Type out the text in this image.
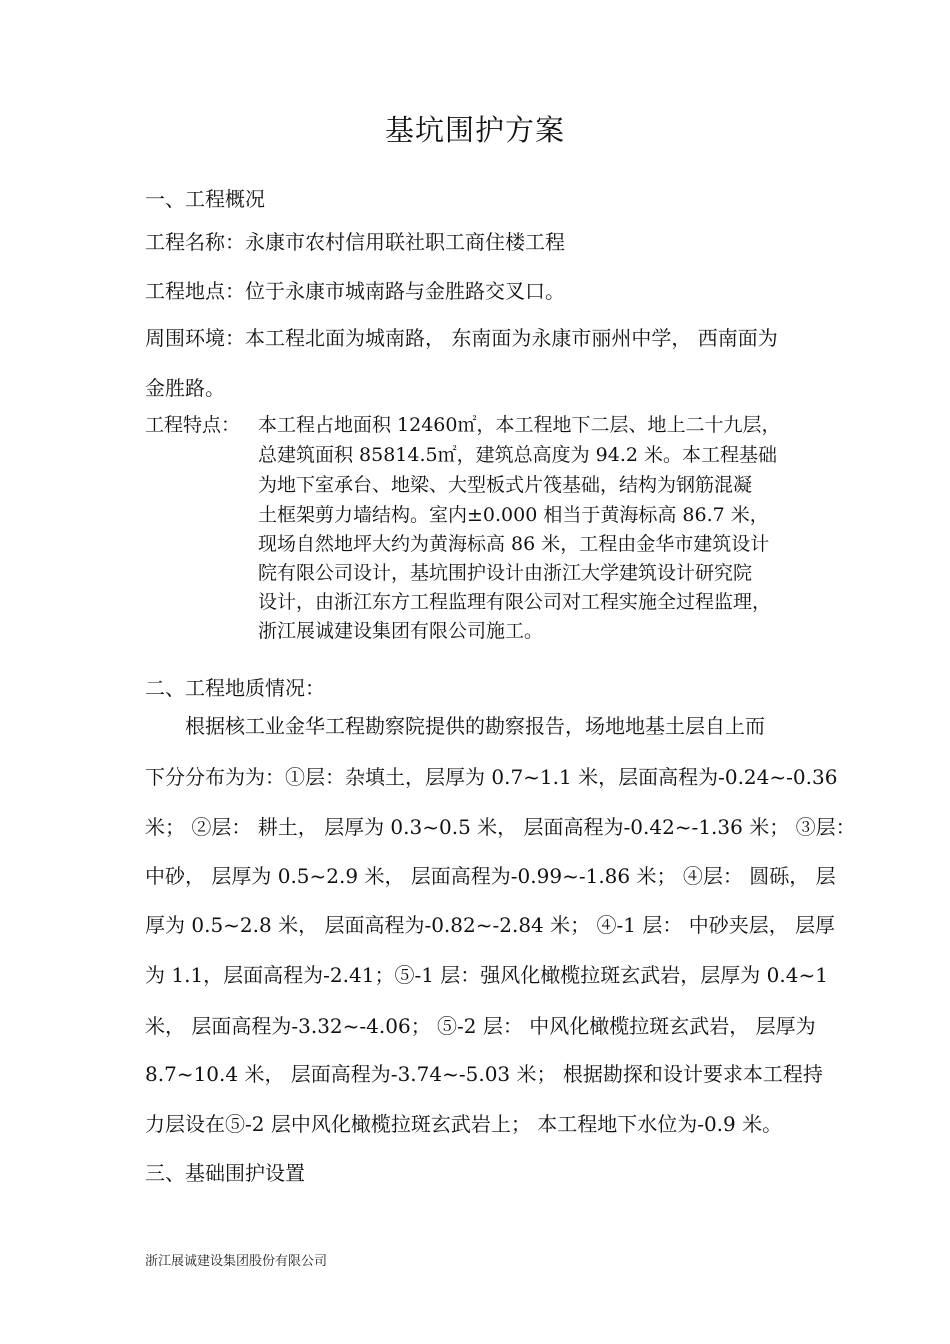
基坑围护方案
一、工程概况
工程名称：永康市农村信用联社职工商住楼工程
工程地点：位于永康市城南路与金胜路交叉口。
周围环境：本工程北面为城南路， 东南面为永康市丽州中学， 西南面为
金胜路。
工程特点： 本工程占地面积 12460㎡，本工程地下二层、地上二十九层，
总建筑面积 85814.5㎡，建筑总高度为 94.2 米。本工程基础
为地下室承台、地梁、大型板式片筏基础，结构为钢筋混凝
土框架剪力墙结构。室内±0.000 相当于黄海标高 86.7 米，
现场自然地坪大约为黄海标高 86 米，工程由金华市建筑设计
院有限公司设计，基坑围护设计由浙江大学建筑设计研究院
设计，由浙江东方工程监理有限公司对工程实施全过程监理，
浙江展诚建设集团有限公司施工。
二、工程地质情况：
　　根据核工业金华工程勘察院提供的勘察报告，场地地基土层自上而
下分分布为为：①层：杂填土，层厚为 0.7~1.1 米，层面高程为-0.24~-0.36
米； ②层： 耕土， 层厚为 0.3~0.5 米， 层面高程为-0.42~-1.36 米； ③层：
中砂， 层厚为 0.5~2.9 米， 层面高程为-0.99~-1.86 米； ④层： 圆砾， 层
厚为 0.5~2.8 米， 层面高程为-0.82~-2.84 米； ④-1 层： 中砂夹层， 层厚
为 1.1，层面高程为-2.41；⑤-1 层：强风化橄榄拉斑玄武岩，层厚为 0.4~1
米， 层面高程为-3.32~-4.06； ⑤-2 层： 中风化橄榄拉斑玄武岩， 层厚为
8.7~10.4 米， 层面高程为-3.74~-5.03 米； 根据勘探和设计要求本工程持
力层设在⑤-2 层中风化橄榄拉斑玄武岩上； 本工程地下水位为-0.9 米。
三、基础围护设置
浙江展诚建设集团股份有限公司
